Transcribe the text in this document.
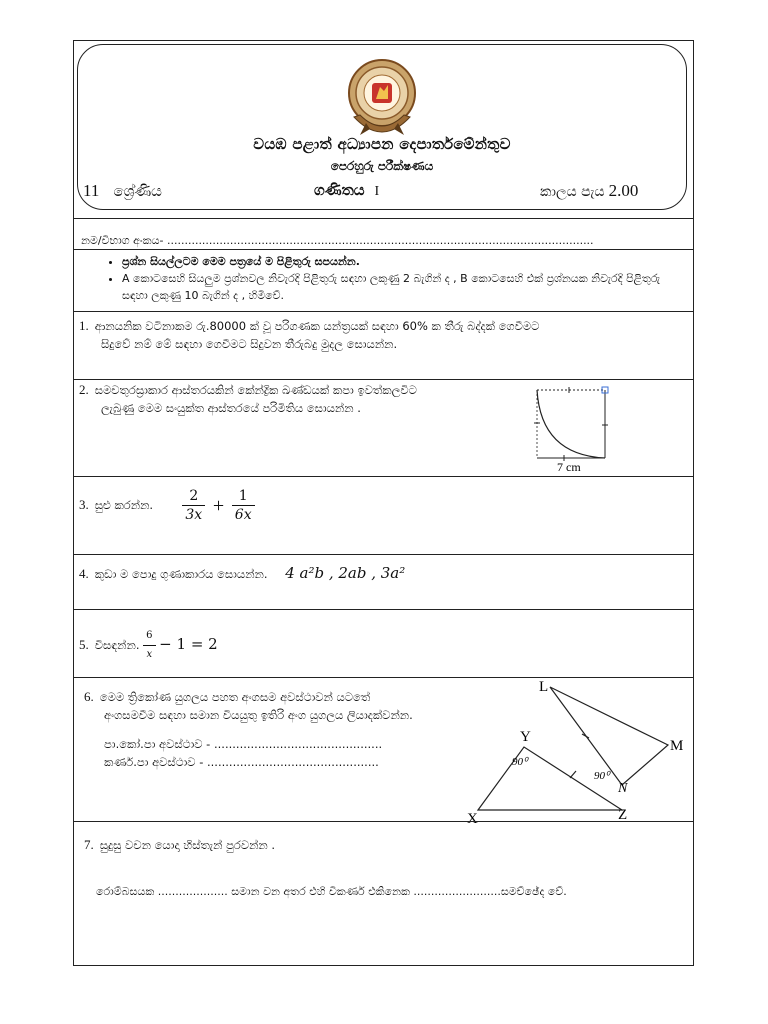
වයඹ පළාත් අධ්‍යාපන දෙපාර්තමේන්තුව
පෙරහුරු පරීක්ෂණය
11 ශ්‍රේණිය	ගණිතය I	කාලය පැය 2.00
නම/විභාග අංකය- ..........................................................................................................................
• ප්‍රශ්න සියල්ලටම මෙම පත්‍රයේ ම පිළිතුරු සපයන්න.
• A කොටසෙහි සියලුම ප්‍රශ්නවල නිවැරදි පිළිතුරු සඳහා ලකුණු 2 බැගින් ද , B කොටසෙහි එක් ප්‍රශ්නයක නිවැරදි පිළිතුරු සඳහා ලකුණු 10 බැගින් ද , හිමිවේ.
1. ආනයනික වටිනාකම රු.80000 ක් වූ පරිගණක යන්ත්‍රයක් සඳහා 60% ක තීරු බද්දක් ගෙවීමට
සිදුවේ නම් මේ සඳහා ගෙවීමට සිදුවන තීරුබදු මුදල සොයන්න.
2. සමචතුරස්‍රාකාර ආස්තරයකින් කේන්ද්‍රික ඛණ්ඩයක් කපා ඉවත්කලවිට
ලැබුණු මෙම සංයුක්ත ආස්තරයේ පරිමිතිය සොයන්න .
7 cm
3. සුළු කරන්න. $\frac{2}{3x} + \frac{1}{6x}$
4. කුඩා ම පොදු ගුණාකාරය සොයන්න. 4 a²b , 2ab , 3a²
5. විසඳන්න. $\frac{6}{x} - 1 = 2$
6. මෙම ත්‍රිකෝණ යුගලය පහත අංගසම අවස්ථාවන් යටතේ
අංගසමවීම සඳහා සමාන වියයුතු ඉතිරි අංග යුගලය ලියාදක්වන්න.
පා.කෝ.පා අවස්ථාව - ..............................................
කර්ණ.පා අවස්ථාව - ...............................................
L
M
N
Y
X	Z
90⁰
90⁰
7. සුදුසු වචන යොදා හිස්තැන් පුරවන්න .
රොම්බසයක .................... සමාන වන අතර එහි විකර්ණ එකිනෙක .........................සමච්ඡේද වේ.
